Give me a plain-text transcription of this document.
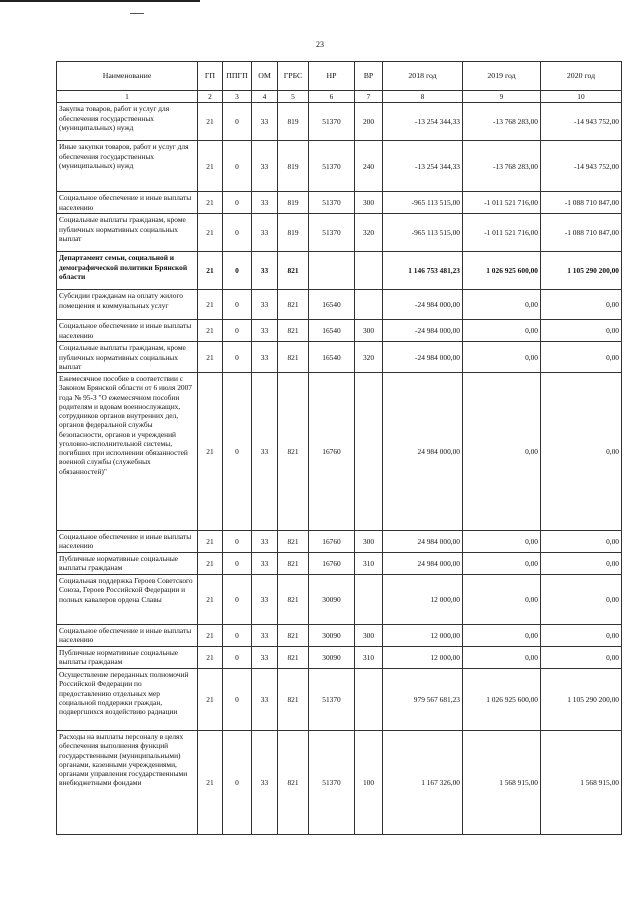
23
Наименование	ГП	ППГП	ОМ	ГРБС	НР	ВР	2018 год	2019 год	2020 год
1	2	3	4	5	6	7	8	9	10
Закупка товаров, работ и услуг для обеспечения государственных (муниципальных) нужд	21	0	33	819	51370	200	-13 254 344,33	-13 768 283,00	-14 943 752,00
Иные закупки товаров, работ и услуг для обеспечения государственных (муниципальных) нужд	21	0	33	819	51370	240	-13 254 344,33	-13 768 283,00	-14 943 752,00
Социальное обеспечение и иные выплаты населению	21	0	33	819	51370	300	-965 113 515,00	-1 011 521 716,00	-1 088 710 847,00
Социальные выплаты гражданам, кроме публичных нормативных социальных выплат	21	0	33	819	51370	320	-965 113 515,00	-1 011 521 716,00	-1 088 710 847,00
Департамент семьи, социальной и демографической политики Брянской области	21	0	33	821			1 146 753 481,23	1 026 925 600,00	1 105 290 200,00
Субсидии гражданам на оплату жилого помещения и коммунальных услуг	21	0	33	821	16540		-24 984 000,00	0,00	0,00
Социальное обеспечение и иные выплаты населению	21	0	33	821	16540	300	-24 984 000,00	0,00	0,00
Социальные выплаты гражданам, кроме публичных нормативных социальных выплат	21	0	33	821	16540	320	-24 984 000,00	0,00	0,00
Ежемесячное пособие в соответствии с Законом Брянской области от 6 июля 2007 года № 95-З "О ежемесячном пособии родителям и вдовам военнослужащих, сотрудников органов внутренних дел, органов федеральной службы безопасности, органов и учреждений уголовно-исполнительной системы, погибших при исполнении обязанностей военной службы (служебных обязанностей)"	21	0	33	821	16760		24 984 000,00	0,00	0,00
Социальное обеспечение и иные выплаты населению	21	0	33	821	16760	300	24 984 000,00	0,00	0,00
Публичные нормативные социальные выплаты гражданам	21	0	33	821	16760	310	24 984 000,00	0,00	0,00
Социальная поддержка Героев Советского Союза, Героев Российской Федерации и полных кавалеров ордена Славы	21	0	33	821	30090		12 000,00	0,00	0,00
Социальное обеспечение и иные выплаты населению	21	0	33	821	30090	300	12 000,00	0,00	0,00
Публичные нормативные социальные выплаты гражданам	21	0	33	821	30090	310	12 000,00	0,00	0,00
Осуществление переданных полномочий Российской Федерации по предоставлению отдельных мер социальной поддержки граждан, подвергшихся воздействию радиации	21	0	33	821	51370		979 567 681,23	1 026 925 600,00	1 105 290 200,00
Расходы на выплаты персоналу в целях обеспечения выполнения функций государственными (муниципальными) органами, казенными учреждениями, органами управления государственными внебюджетными фондами	21	0	33	821	51370	100	1 167 326,00	1 568 915,00	1 568 915,00
